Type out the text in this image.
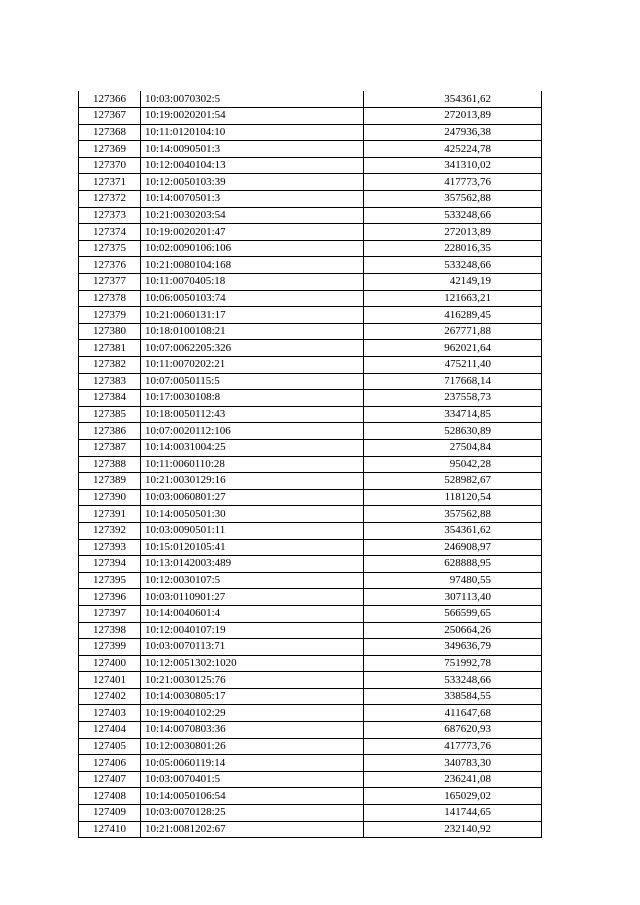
127366	10:03:0070302:5	354361,62
127367	10:19:0020201:54	272013,89
127368	10:11:0120104:10	247936,38
127369	10:14:0090501:3	425224,78
127370	10:12:0040104:13	341310,02
127371	10:12:0050103:39	417773,76
127372	10:14:0070501:3	357562,88
127373	10:21:0030203:54	533248,66
127374	10:19:0020201:47	272013,89
127375	10:02:0090106:106	228016,35
127376	10:21:0080104:168	533248,66
127377	10:11:0070405:18	42149,19
127378	10:06:0050103:74	121663,21
127379	10:21:0060131:17	416289,45
127380	10:18:0100108:21	267771,88
127381	10:07:0062205:326	962021,64
127382	10:11:0070202:21	475211,40
127383	10:07:0050115:5	717668,14
127384	10:17:0030108:8	237558,73
127385	10:18:0050112:43	334714,85
127386	10:07:0020112:106	528630,89
127387	10:14:0031004:25	27504,84
127388	10:11:0060110:28	95042,28
127389	10:21:0030129:16	528982,67
127390	10:03:0060801:27	118120,54
127391	10:14:0050501:30	357562,88
127392	10:03:0090501:11	354361,62
127393	10:15:0120105:41	246908,97
127394	10:13:0142003:489	628888,95
127395	10:12:0030107:5	97480,55
127396	10:03:0110901:27	307113,40
127397	10:14:0040601:4	566599,65
127398	10:12:0040107:19	250664,26
127399	10:03:0070113:71	349636,79
127400	10:12:0051302:1020	751992,78
127401	10:21:0030125:76	533248,66
127402	10:14:0030805:17	338584,55
127403	10:19:0040102:29	411647,68
127404	10:14:0070803:36	687620,93
127405	10:12:0030801:26	417773,76
127406	10:05:0060119:14	340783,30
127407	10:03:0070401:5	236241,08
127408	10:14:0050106:54	165029,02
127409	10:03:0070128:25	141744,65
127410	10:21:0081202:67	232140,92
